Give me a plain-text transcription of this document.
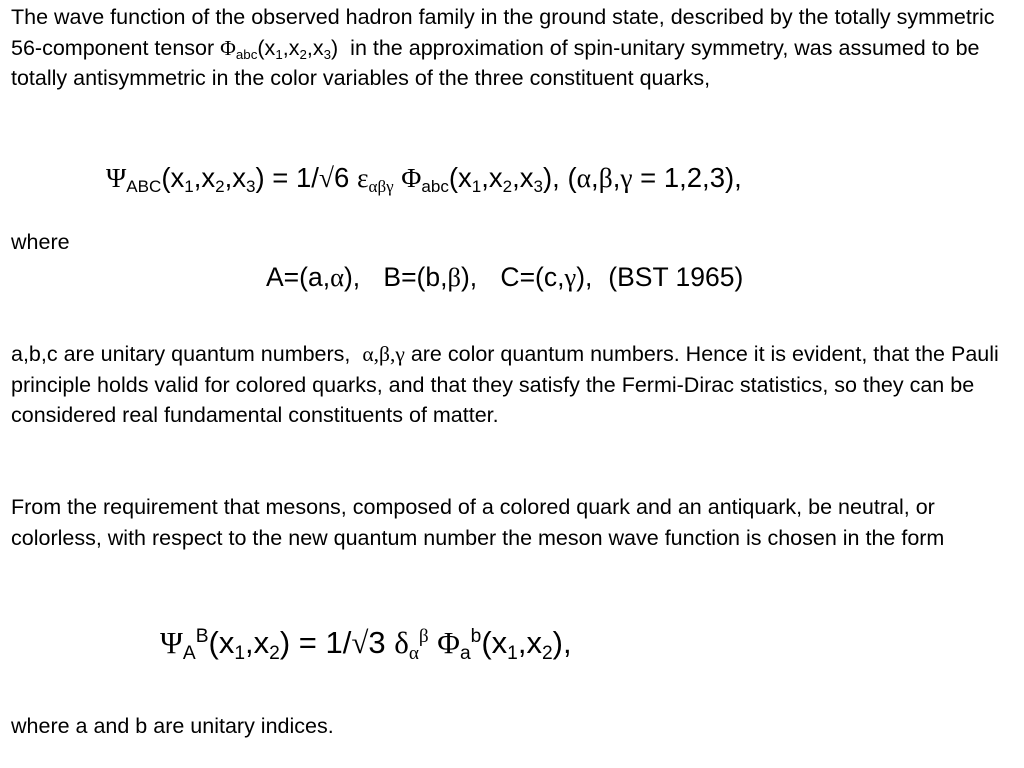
The wave function of the observed hadron family in the ground state, described by the totally symmetric 56-component tensor $\Phi_{abc}(x_1,x_2,x_3)$ in the approximation of spin-unitary symmetry, was assumed to be totally antisymmetric in the color variables of the three constituent quarks,

$\Psi_{ABC}(x_1,x_2,x_3) = 1/√6$ $\varepsilon_{\alpha\beta\gamma}$ $\Phi_{abc}(x_1,x_2,x_3)$, (α,β,γ = 1,2,3),

where

A=(a,α), B=(b,β), C=(c,γ), (BST 1965)

a,b,c are unitary quantum numbers, α,β,γ are color quantum numbers. Hence it is evident, that the Pauli principle holds valid for colored quarks, and that they satisfy the Fermi-Dirac statistics, so they can be considered real fundamental constituents of matter.

From the requirement that mesons, composed of a colored quark and an antiquark, be neutral, or colorless, with respect to the new quantum number the meson wave function is chosen in the form

$\Psi_A^B(x_1,x_2) = 1/√3$ $\delta_\alpha^\beta$ $\Phi_a^b(x_1,x_2)$,

where a and b are unitary indices.
